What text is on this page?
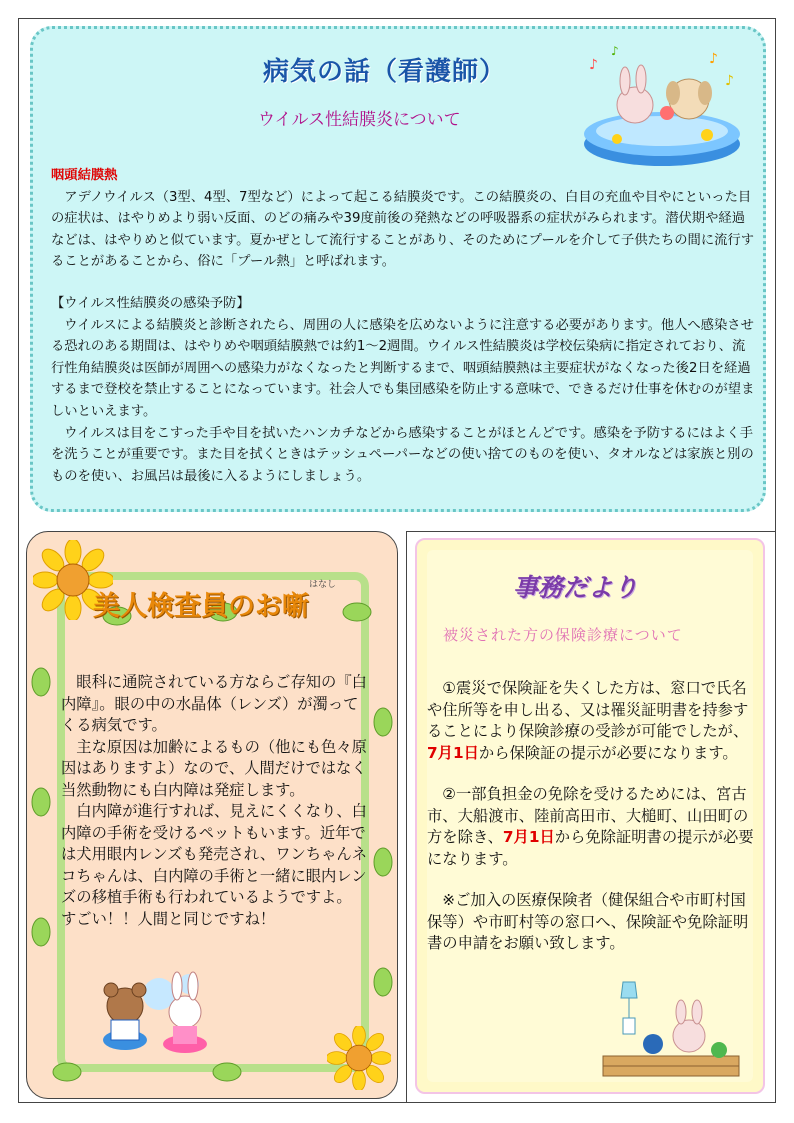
病気の話（看護師）
ウイルス性結膜炎について
♪	♪
♪
♪

咽頭結膜熱

アデノウイルス（3型、4型、7型など）によって起こる結膜炎です。この結膜炎の、白目の充血や目やにといった目の症状は、はやりめより弱い反面、のどの痛みや39度前後の発熱などの呼吸器系の症状がみられます。潜伏期や経過などは、はやりめと似ています。夏かぜとして流行することがあり、そのためにプールを介して子供たちの間に流行することがあることから、俗に「プール熱」と呼ばれます。

【ウイルス性結膜炎の感染予防】

ウイルスによる結膜炎と診断されたら、周囲の人に感染を広めないように注意する必要があります。他人へ感染させる恐れのある期間は、はやりめや咽頭結膜熱では約1～2週間。ウイルス性結膜炎は学校伝染病に指定されており、流行性角結膜炎は医師が周囲への感染力がなくなったと判断するまで、咽頭結膜熱は主要症状がなくなった後2日を経過するまで登校を禁止することになっています。社会人でも集団感染を防止する意味で、できるだけ仕事を休むのが望ましいといえます。

ウイルスは目をこすった手や目を拭いたハンカチなどから感染することがほとんどです。感染を予防するにはよく手を洗うことが重要です。また目を拭くときはテッシュペーパーなどの使い捨てのものを使い、タオルなどは家族と別のものを使い、お風呂は最後に入るようにしましょう。

はなし
美人検査員のお噺

眼科に通院されている方ならご存知の『白内障』。眼の中の水晶体（レンズ）が濁ってくる病気です。

主な原因は加齢によるもの（他にも色々原因はありますよ）なので、人間だけではなく当然動物にも白内障は発症します。

白内障が進行すれば、見えにくくなり、白内障の手術を受けるペットもいます。近年では犬用眼内レンズも発売され、ワンちゃんネコちゃんは、白内障の手術と一緒に眼内レンズの移植手術も行われているようですよ。

すごい！！人間と同じですね！

事務だより
被災された方の保険診療について

①震災で保険証を失くした方は、窓口で氏名や住所等を申し出る、又は罹災証明書を持参することにより保険診療の受診が可能でしたが、7月1日から保険証の提示が必要になります。

②一部負担金の免除を受けるためには、宮古市、大船渡市、陸前高田市、大槌町、山田町の方を除き、7月1日から免除証明書の提示が必要になります。

※ご加入の医療保険者（健保組合や市町村国保等）や市町村等の窓口へ、保険証や免除証明書の申請をお願い致します。
